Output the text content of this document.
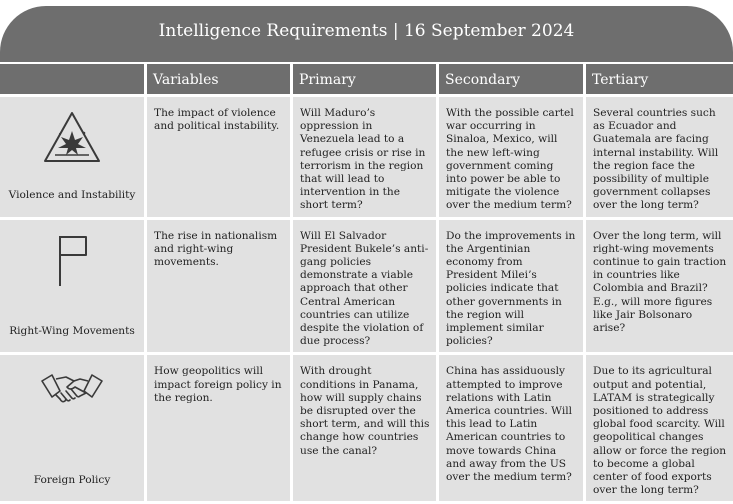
Intelligence Requirements | 16 September 2024
	Variables	Primary	Secondary	Tertiary

Violence and Instability	The impact of violence and political instability.	Will Maduro’s oppression in Venezuela lead to a refugee crisis or rise in terrorism in the region that will lead to intervention in the short term?	With the possible cartel war occurring in Sinaloa, Mexico, will the new left-wing government coming into power be able to mitigate the violence over the medium term?	Several countries such as Ecuador and Guatemala are facing internal instability. Will the region face the possibility of multiple government collapses over the long term?

Right-Wing Movements	The rise in nationalism and right-wing movements.	Will El Salvador President Bukele’s anti-gang policies demonstrate a viable approach that other Central American countries can utilize despite the violation of due process?	Do the improvements in the Argentinian economy from President Milei’s policies indicate that other governments in the region will implement similar policies?	Over the long term, will right-wing movements continue to gain traction in countries like Colombia and Brazil? E.g., will more figures like Jair Bolsonaro arise?

Foreign Policy	How geopolitics will impact foreign policy in the region.	With drought conditions in Panama, how will supply chains be disrupted over the short term, and will this change how countries use the canal?	China has assiduously attempted to improve relations with Latin America countries. Will this lead to Latin American countries to move towards China and away from the US over the medium term?	Due to its agricultural output and potential, LATAM is strategically positioned to address global food scarcity. Will geopolitical changes allow or force the region to become a global center of food exports over the long term?
